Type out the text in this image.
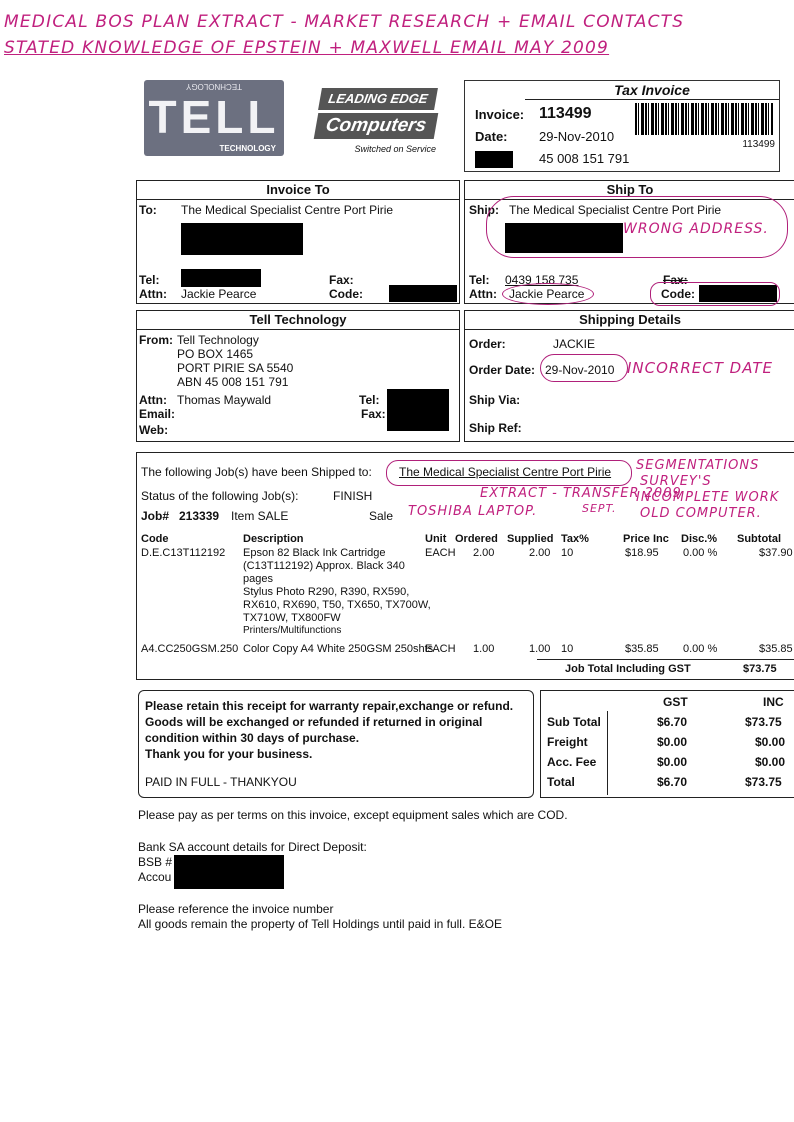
MEDICAL BOS PLAN EXTRACT - MARKET RESEARCH + EMAIL CONTACTS
STATED KNOWLEDGE OF EPSTEIN + MAXWELL EMAIL MAY 2009
TECHNOLOGY
TELL
TECHNOLOGY
LEADING EDGE
Computers
Switched on Service
Tax Invoice
Invoice: 113499
Date: 29-Nov-2010
45 008 151 791
113499
Invoice To
To: The Medical Specialist Centre Port Pirie
Tel:	Fax:
Attn: Jackie Pearce	Code:
Ship To
Ship: The Medical Specialist Centre Port Pirie
WRONG ADDRESS.
Tel: 0439 158 735	Fax:
Attn: Jackie Pearce	Code:
Tell Technology
From: Tell Technology
PO BOX 1465
PORT PIRIE SA 5540
ABN 45 008 151 791
Attn: Thomas Maywald	Tel:
Fax:
Email:
Web:
Shipping Details
Order:	JACKIE
Order Date: 29-Nov-2010 INCORRECT DATE
Ship Via:
Ship Ref:
The following Job(s) have been Shipped to: The Medical Specialist Centre Port Pirie
Status of the following Job(s):	FINISH
Job# 213339 Item SALE	Sale
Code	Description	Unit Ordered Supplied Tax%	Price Inc Disc.% Subtotal
D.E.C13T112192 Epson 82 Black Ink Cartridge
(C13T112192) Approx. Black 340
pages
Stylus Photo R290, R390, RX590,
RX610, RX690, T50, TX650, TX700W,
TX710W, TX800FW
Printers/Multifunctions
EACH 2.00	2.00 10	$18.95 0.00 %	$37.90
A4.CC250GSM.250 Color Copy A4 White 250GSM 250shts
EACH 1.00	1.00 10	$35.85 0.00 %	$35.85
Job Total Including GST	$73.75
SEGMENTATIONS
SURVEY'S
INCOMPLETE WORK
OLD COMPUTER.
EXTRACT - TRANSFER 2009
SEPT.
TOSHIBA LAPTOP.
Please retain this receipt for warranty repair,exchange or refund.
Goods will be exchanged or refunded if returned in original
condition within 30 days of purchase.
Thank you for your business.
PAID IN FULL - THANKYOU
GST	INC
Sub Total	$6.70	$73.75
Freight	$0.00	$0.00
Acc. Fee	$0.00	$0.00
Total	$6.70	$73.75
Please pay as per terms on this invoice, except equipment sales which are COD.
Bank SA account details for Direct Deposit:
BSB #
Accou
Please reference the invoice number
All goods remain the property of Tell Holdings until paid in full. E&OE
